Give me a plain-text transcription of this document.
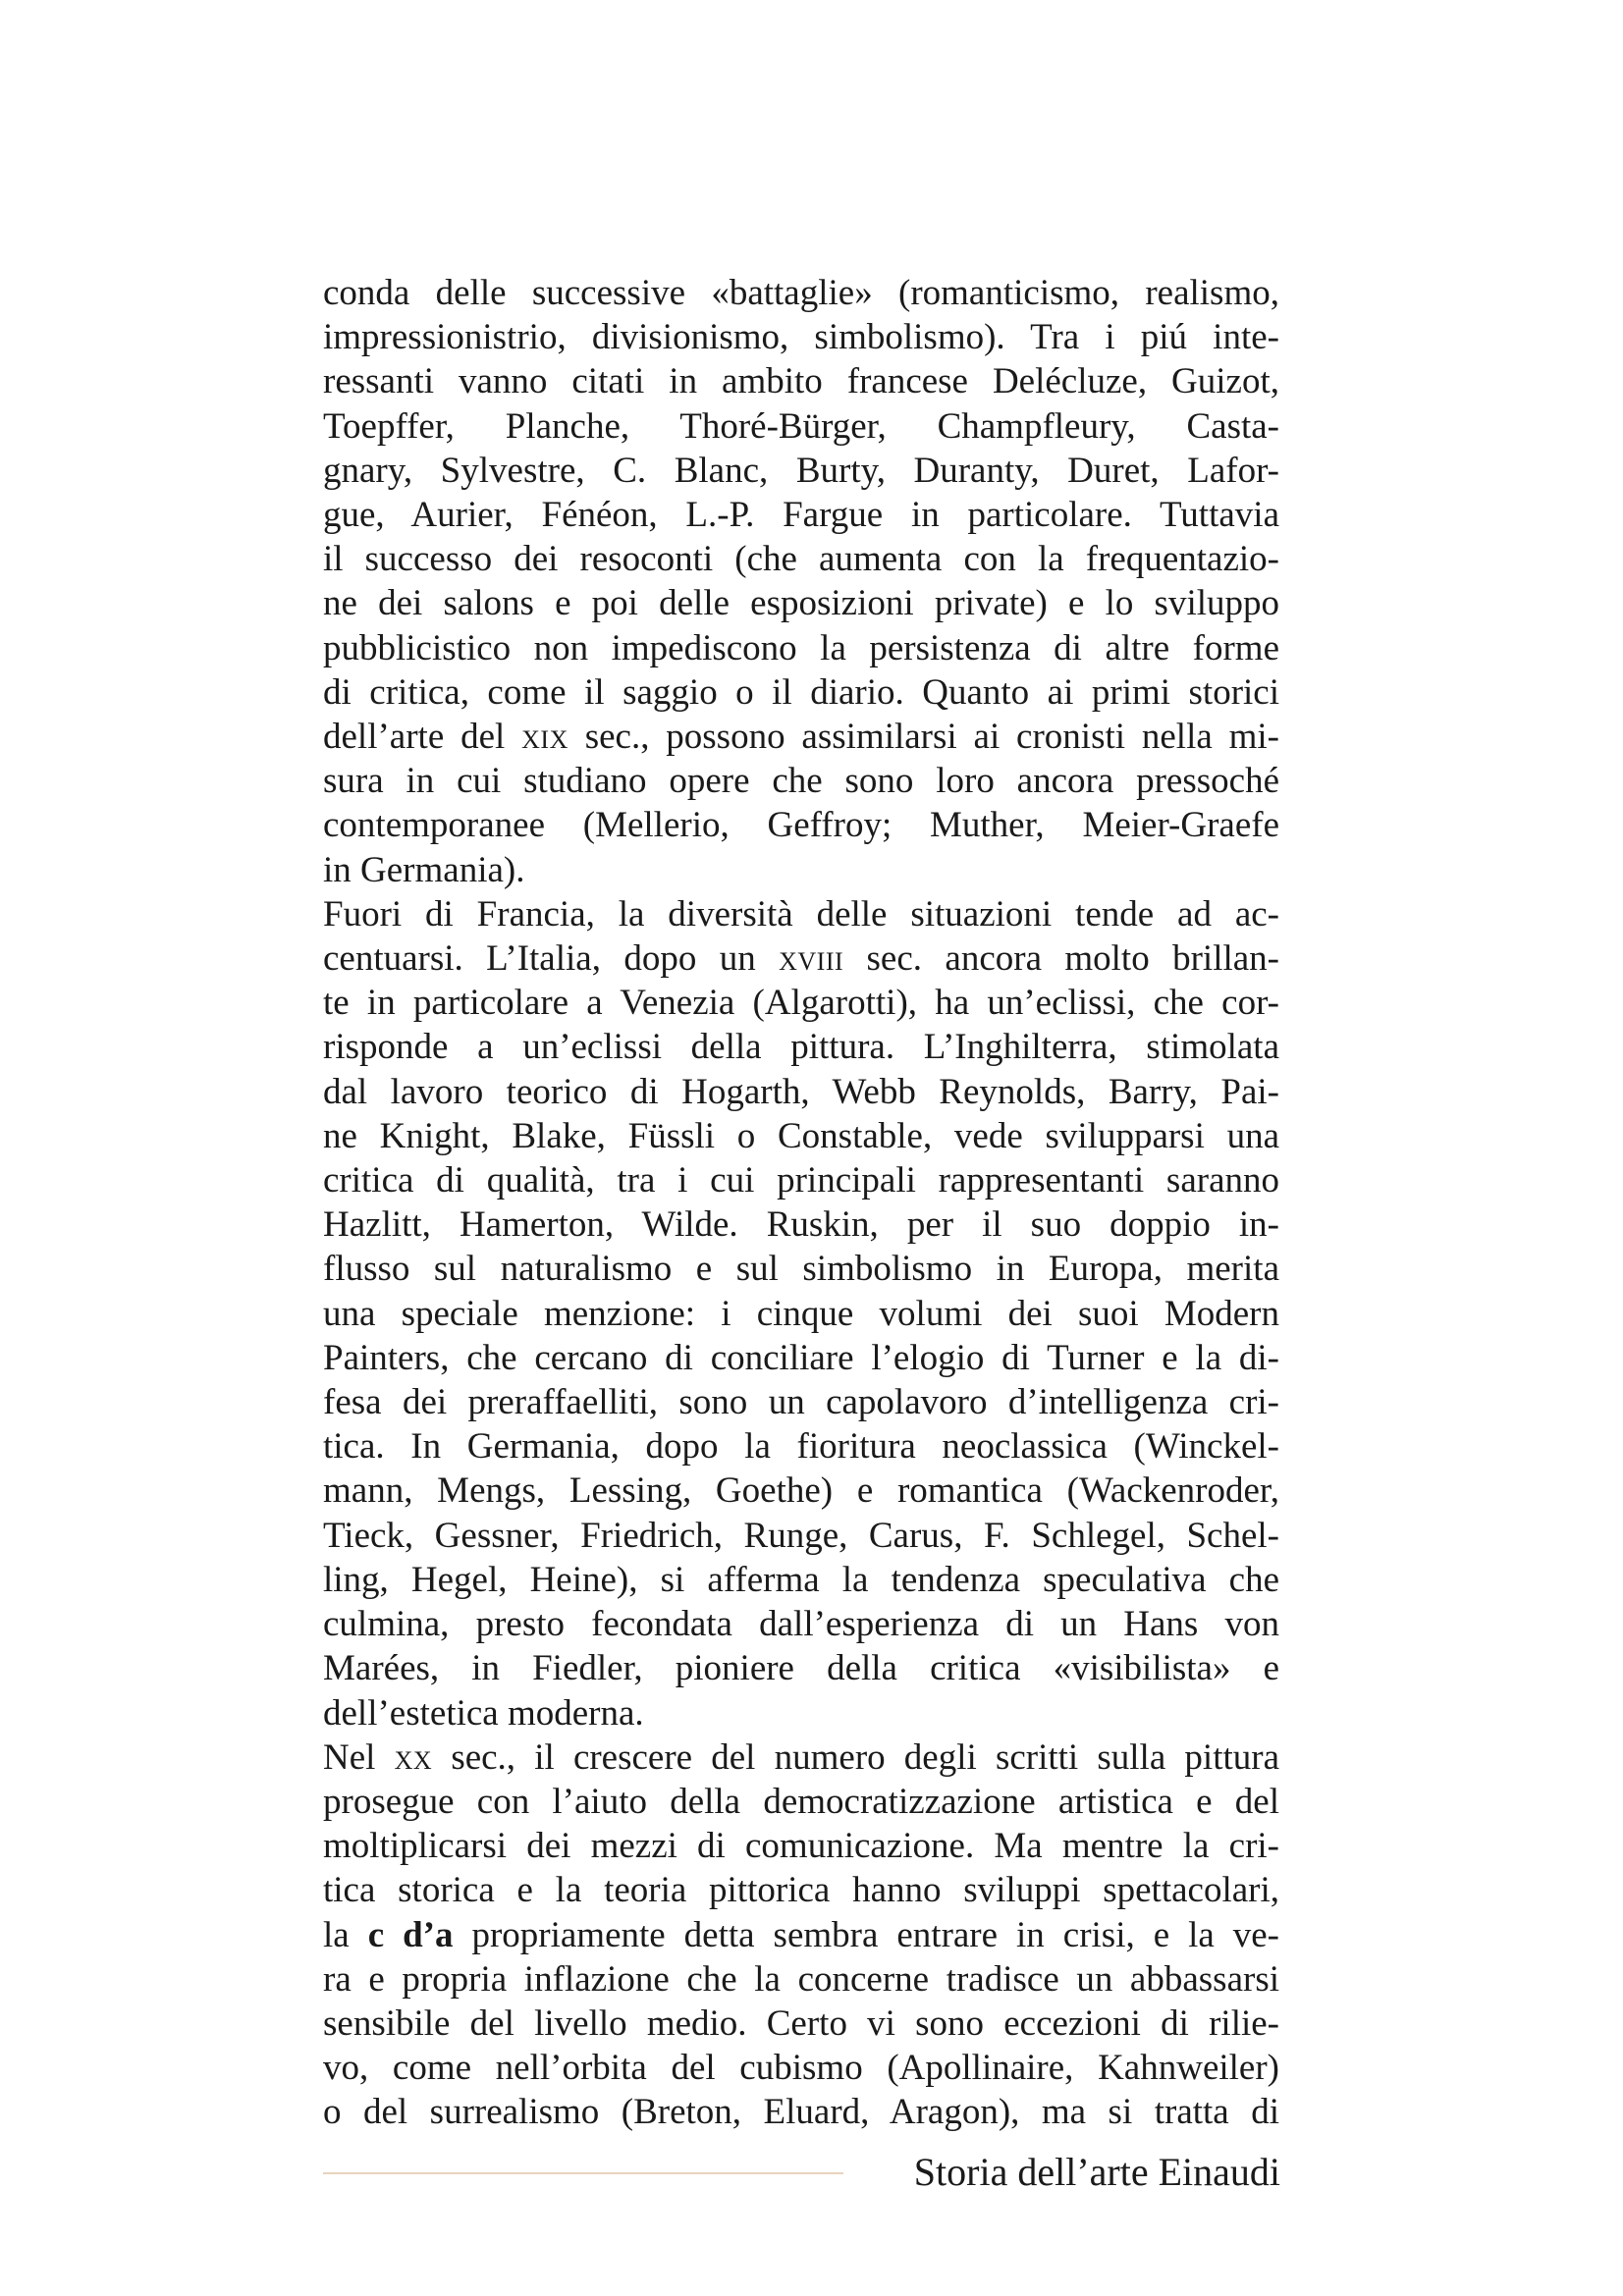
conda delle successive «battaglie» (romanticismo, realismo,
impressionistrio, divisionismo, simbolismo). Tra i piú inte-
ressanti vanno citati in ambito francese Delécluze, Guizot,
Toepffer, Planche, Thoré-Bürger, Champfleury, Casta-
gnary, Sylvestre, C. Blanc, Burty, Duranty, Duret, Lafor-
gue, Aurier, Fénéon, L.-P. Fargue in particolare. Tuttavia
il successo dei resoconti (che aumenta con la frequentazio-
ne dei salons e poi delle esposizioni private) e lo sviluppo
pubblicistico non impediscono la persistenza di altre forme
di critica, come il saggio o il diario. Quanto ai primi storici
dell’arte del xix sec., possono assimilarsi ai cronisti nella mi-
sura in cui studiano opere che sono loro ancora pressoché
contemporanee (Mellerio, Geffroy; Muther, Meier-Graefe
in Germania).

Fuori di Francia, la diversità delle situazioni tende ad ac-
centuarsi. L’Italia, dopo un xviii sec. ancora molto brillan-
te in particolare a Venezia (Algarotti), ha un’eclissi, che cor-
risponde a un’eclissi della pittura. L’Inghilterra, stimolata
dal lavoro teorico di Hogarth, Webb Reynolds, Barry, Pai-
ne Knight, Blake, Füssli o Constable, vede svilupparsi una
critica di qualità, tra i cui principali rappresentanti saranno
Hazlitt, Hamerton, Wilde. Ruskin, per il suo doppio in-
flusso sul naturalismo e sul simbolismo in Europa, merita
una speciale menzione: i cinque volumi dei suoi Modern
Painters, che cercano di conciliare l’elogio di Turner e la di-
fesa dei preraffaelliti, sono un capolavoro d’intelligenza cri-
tica. In Germania, dopo la fioritura neoclassica (Winckel-
mann, Mengs, Lessing, Goethe) e romantica (Wackenroder,
Tieck, Gessner, Friedrich, Runge, Carus, F. Schlegel, Schel-
ling, Hegel, Heine), si afferma la tendenza speculativa che
culmina, presto fecondata dall’esperienza di un Hans von
Marées, in Fiedler, pioniere della critica «visibilista» e
dell’estetica moderna.

Nel xx sec., il crescere del numero degli scritti sulla pittura
prosegue con l’aiuto della democratizzazione artistica e del
moltiplicarsi dei mezzi di comunicazione. Ma mentre la cri-
tica storica e la teoria pittorica hanno sviluppi spettacolari,
la c d’a propriamente detta sembra entrare in crisi, e la ve-
ra e propria inflazione che la concerne tradisce un abbassarsi
sensibile del livello medio. Certo vi sono eccezioni di rilie-
vo, come nell’orbita del cubismo (Apollinaire, Kahnweiler)
o del surrealismo (Breton, Eluard, Aragon), ma si tratta di

Storia dell’arte Einaudi
